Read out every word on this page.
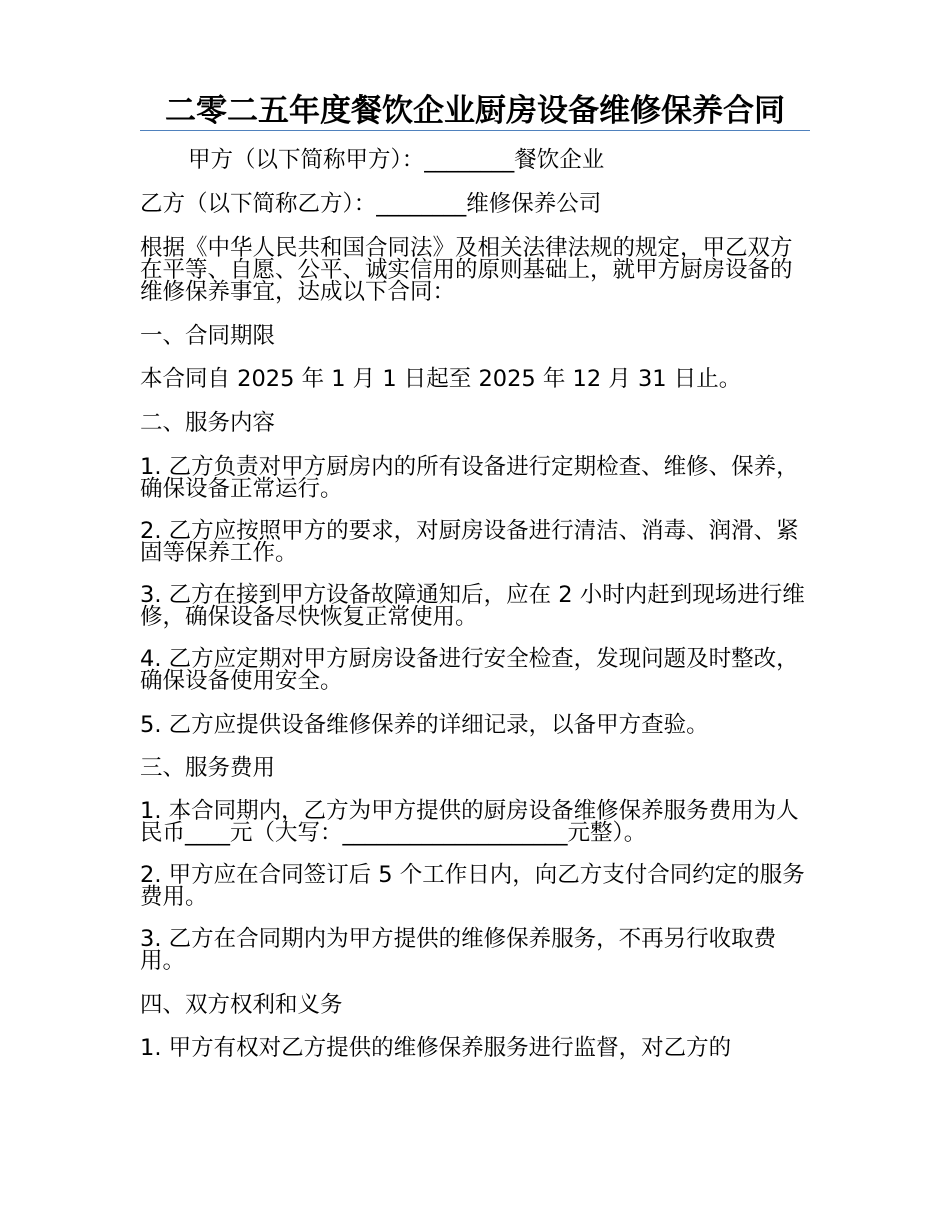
二零二五年度餐饮企业厨房设备维修保养合同

甲方（以下简称甲方）：________餐饮企业

乙方（以下简称乙方）：________维修保养公司

根据《中华人民共和国合同法》及相关法律法规的规定，甲乙双方在平等、自愿、公平、诚实信用的原则基础上，就甲方厨房设备的维修保养事宜，达成以下合同：

一、合同期限

本合同自 2025 年 1 月 1 日起至 2025 年 12 月 31 日止。

二、服务内容

1. 乙方负责对甲方厨房内的所有设备进行定期检查、维修、保养，确保设备正常运行。

2. 乙方应按照甲方的要求，对厨房设备进行清洁、消毒、润滑、紧固等保养工作。

3. 乙方在接到甲方设备故障通知后，应在 2 小时内赶到现场进行维修，确保设备尽快恢复正常使用。

4. 乙方应定期对甲方厨房设备进行安全检查，发现问题及时整改，确保设备使用安全。

5. 乙方应提供设备维修保养的详细记录，以备甲方查验。

三、服务费用

1. 本合同期内，乙方为甲方提供的厨房设备维修保养服务费用为人民币____元（大写：____________________元整）。

2. 甲方应在合同签订后 5 个工作日内，向乙方支付合同约定的服务费用。

3. 乙方在合同期内为甲方提供的维修保养服务，不再另行收取费用。

四、双方权利和义务

1. 甲方有权对乙方提供的维修保养服务进行监督，对乙方的
